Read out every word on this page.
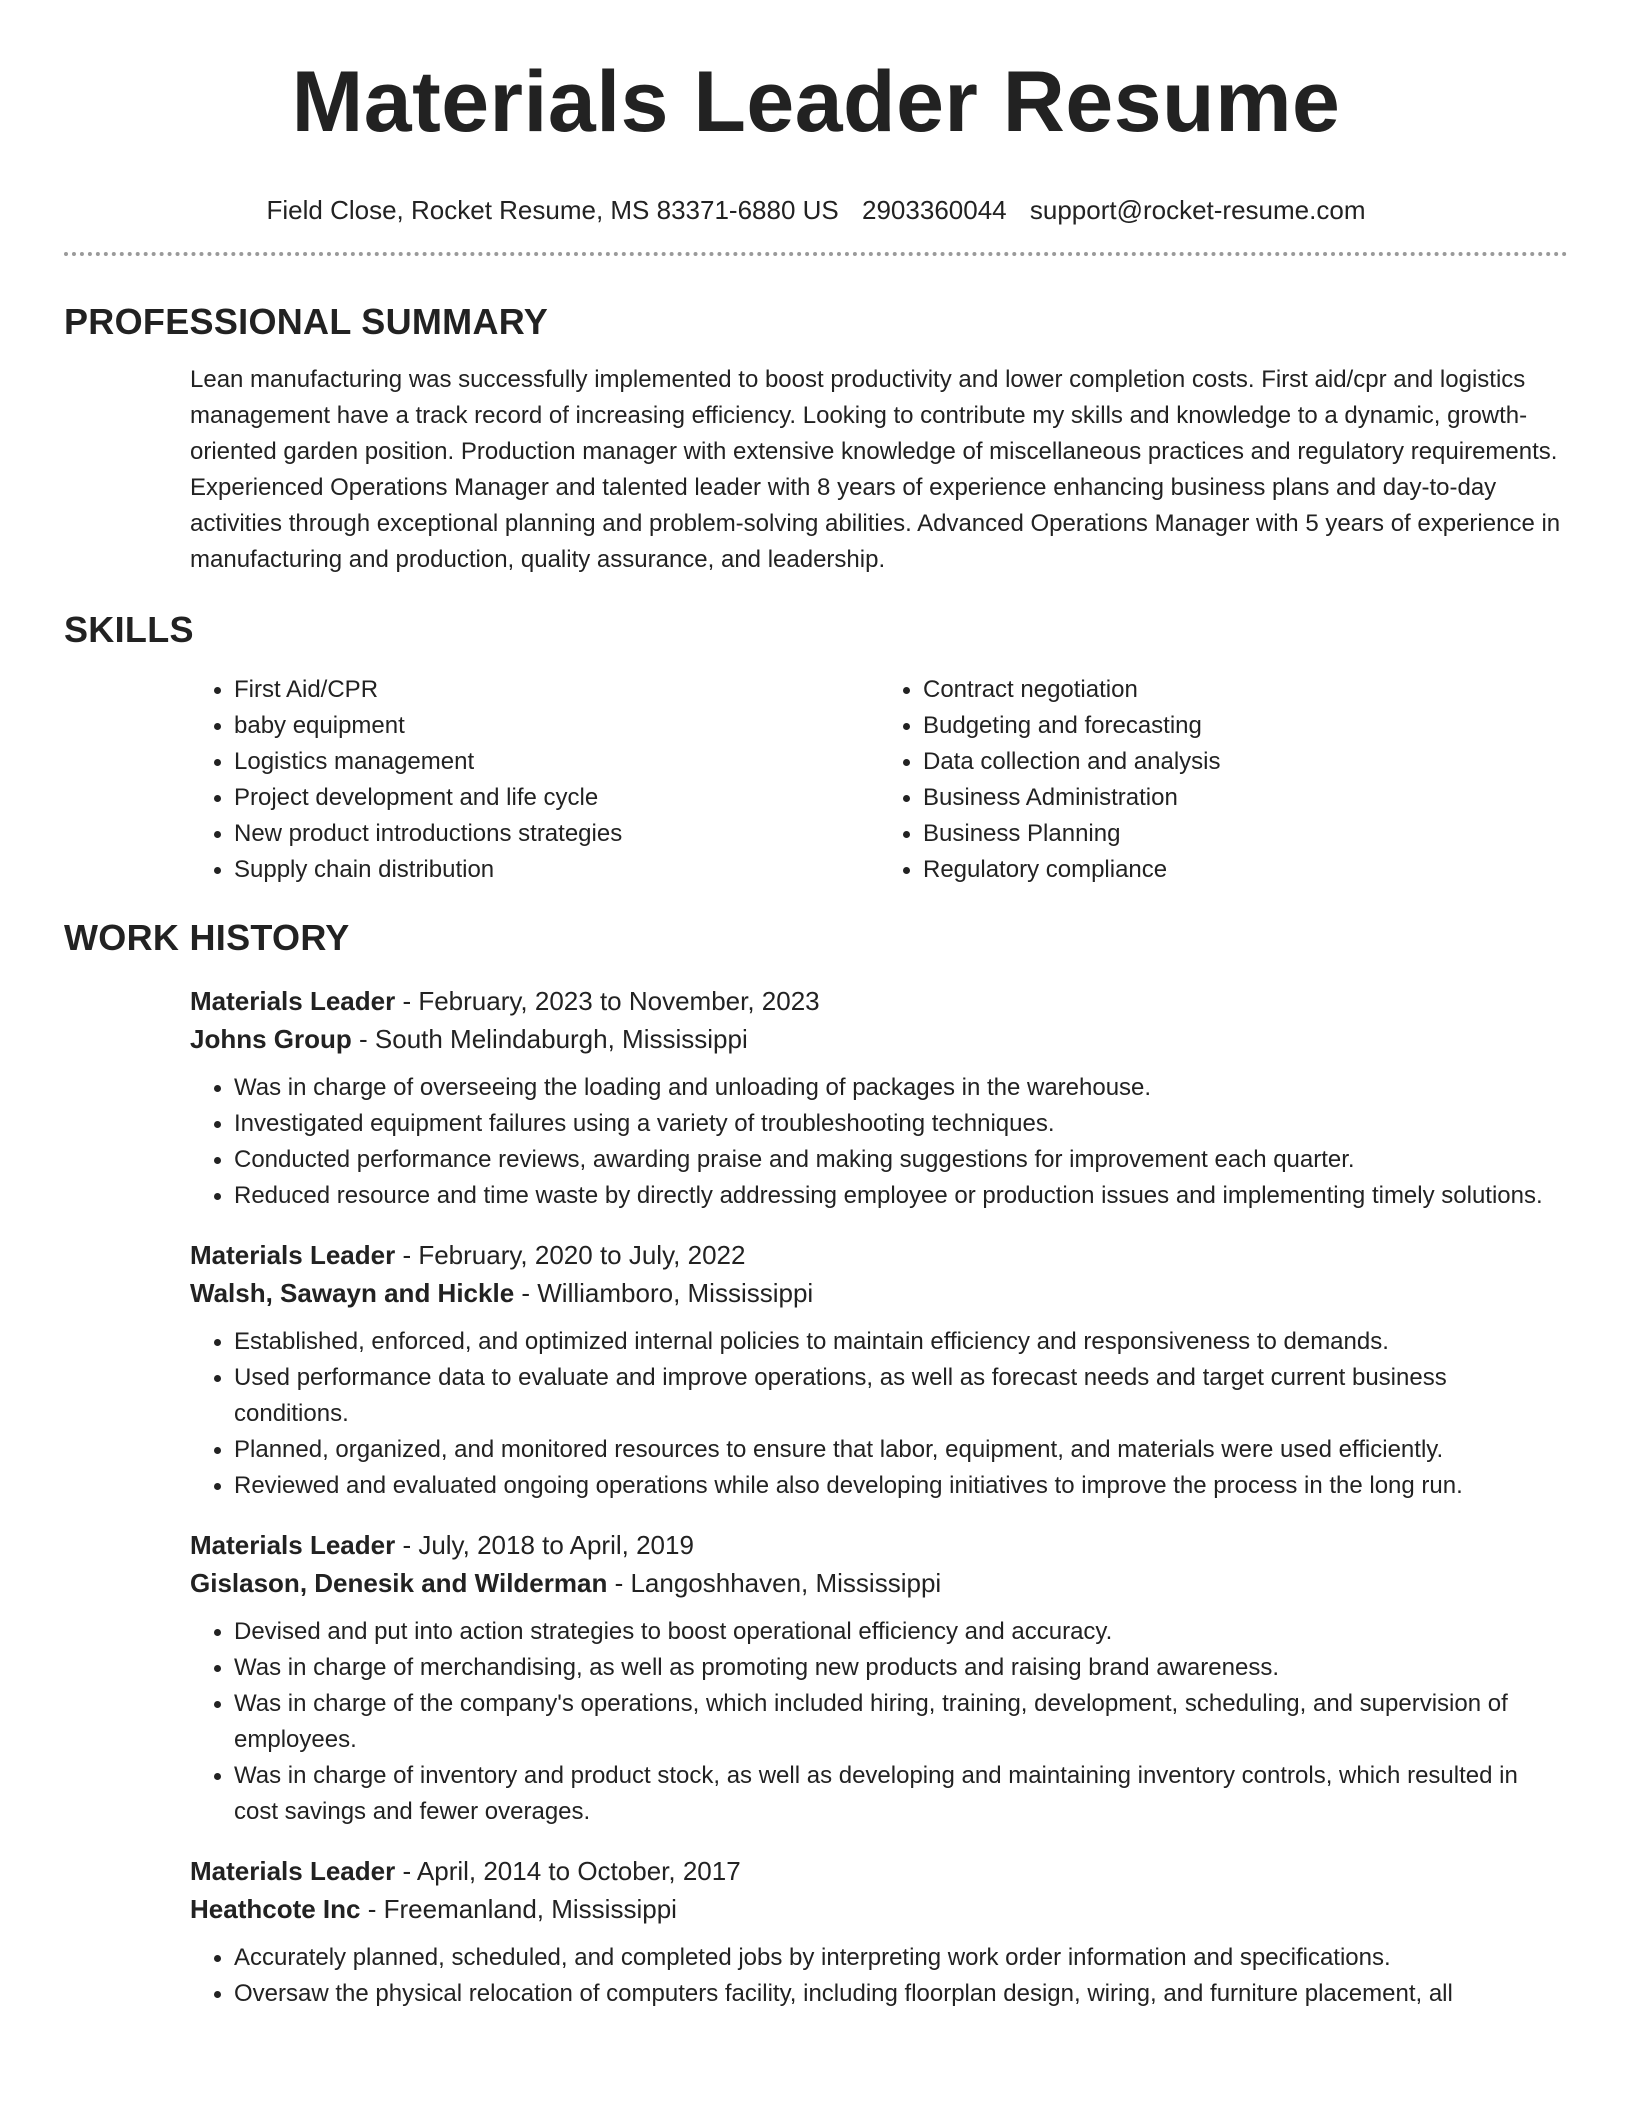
Materials Leader Resume
Field Close, Rocket Resume, MS 83371-6880 US 2903360044 support@rocket-resume.com
PROFESSIONAL SUMMARY
Lean manufacturing was successfully implemented to boost productivity and lower completion costs. First aid/cpr and logistics management have a track record of increasing efficiency. Looking to contribute my skills and knowledge to a dynamic, growth-oriented garden position. Production manager with extensive knowledge of miscellaneous practices and regulatory requirements. Experienced Operations Manager and talented leader with 8 years of experience enhancing business plans and day-to-day activities through exceptional planning and problem-solving abilities. Advanced Operations Manager with 5 years of experience in manufacturing and production, quality assurance, and leadership.
SKILLS
• First Aid/CPR
• baby equipment
• Logistics management
• Project development and life cycle
• New product introductions strategies
• Supply chain distribution
• Contract negotiation
• Budgeting and forecasting
• Data collection and analysis
• Business Administration
• Business Planning
• Regulatory compliance
WORK HISTORY
Materials Leader - February, 2023 to November, 2023
Johns Group - South Melindaburgh, Mississippi
• Was in charge of overseeing the loading and unloading of packages in the warehouse.
• Investigated equipment failures using a variety of troubleshooting techniques.
• Conducted performance reviews, awarding praise and making suggestions for improvement each quarter.
• Reduced resource and time waste by directly addressing employee or production issues and implementing timely solutions.
Materials Leader - February, 2020 to July, 2022
Walsh, Sawayn and Hickle - Williamboro, Mississippi
• Established, enforced, and optimized internal policies to maintain efficiency and responsiveness to demands.
• Used performance data to evaluate and improve operations, as well as forecast needs and target current business conditions.
• Planned, organized, and monitored resources to ensure that labor, equipment, and materials were used efficiently.
• Reviewed and evaluated ongoing operations while also developing initiatives to improve the process in the long run.
Materials Leader - July, 2018 to April, 2019
Gislason, Denesik and Wilderman - Langoshhaven, Mississippi
• Devised and put into action strategies to boost operational efficiency and accuracy.
• Was in charge of merchandising, as well as promoting new products and raising brand awareness.
• Was in charge of the company's operations, which included hiring, training, development, scheduling, and supervision of employees.
• Was in charge of inventory and product stock, as well as developing and maintaining inventory controls, which resulted in cost savings and fewer overages.
Materials Leader - April, 2014 to October, 2017
Heathcote Inc - Freemanland, Mississippi
• Accurately planned, scheduled, and completed jobs by interpreting work order information and specifications.
• Oversaw the physical relocation of computers facility, including floorplan design, wiring, and furniture placement, all
